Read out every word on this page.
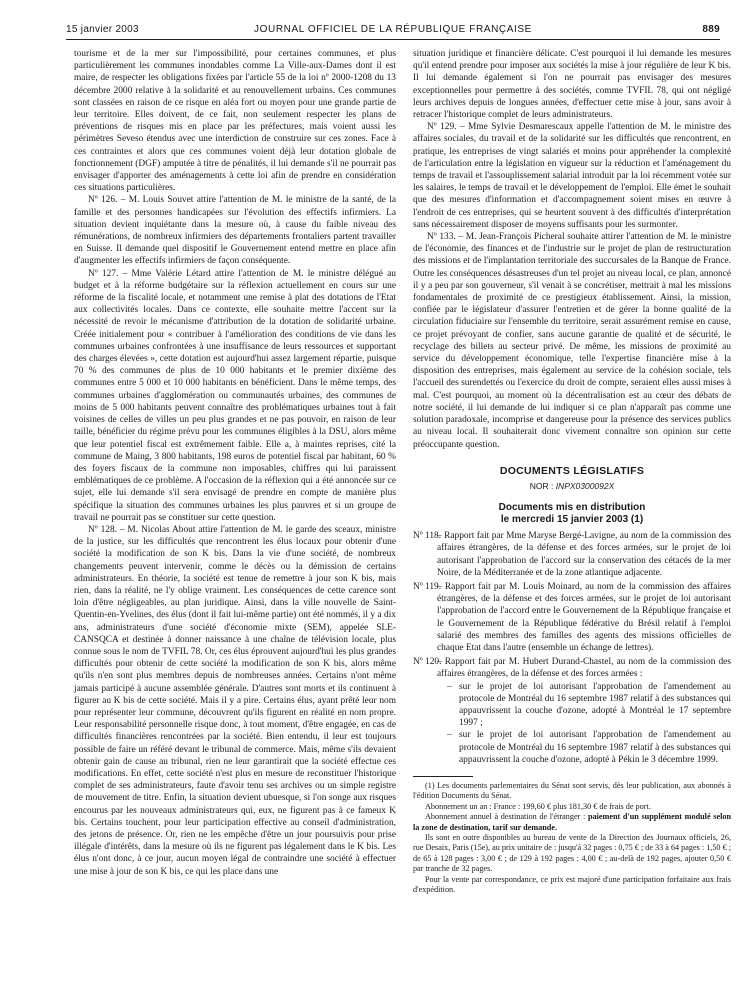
15 janvier 2003	JOURNAL OFFICIEL DE LA RÉPUBLIQUE FRANÇAISE	889

tourisme et de la mer sur l'impossibilité, pour certaines communes, et plus particulièrement les communes inondables comme La Ville-aux-Dames dont il est maire, de respecter les obligations fixées par l'article 55 de la loi nº 2000-1208 du 13 décembre 2000 relative à la solidarité et au renouvellement urbains. Ces communes sont classées en raison de ce risque en aléa fort ou moyen pour une grande partie de leur territoire. Elles doivent, de ce fait, non seulement respecter les plans de préventions de risques mis en place par les préfectures, mais voient aussi les périmètres Seveso étendus avec une interdiction de construire sur ces zones. Face à ces contraintes et alors que ces communes voient déjà leur dotation globale de fonctionnement (DGF) amputée à titre de pénalités, il lui demande s'il ne pourrait pas envisager d'apporter des aménagements à cette loi afin de prendre en considération ces situations particulières.

Nº 126. – M. Louis Souvet attire l'attention de M. le ministre de la santé, de la famille et des personnes handicapées sur l'évolution des effectifs infirmiers. La situation devient inquiétante dans la mesure où, à cause du faible niveau des rémunérations, de nombreux infirmiers des départements frontaliers partent travailler en Suisse. Il demande quel dispositif le Gouvernement entend mettre en place afin d'augmenter les effectifs infirmiers de façon conséquente.

Nº 127. – Mme Valérie Létard attire l'attention de M. le ministre délégué au budget et à la réforme budgétaire sur la réflexion actuellement en cours sur une réforme de la fiscalité locale, et notamment une remise à plat des dotations de l'Etat aux collectivités locales. Dans ce contexte, elle souhaite mettre l'accent sur la nécessité de revoir le mécanisme d'attribution de la dotation de solidarité urbaine. Créée initialement pour « contribuer à l'amélioration des conditions de vie dans les communes urbaines confrontées à une insuffisance de leurs ressources et supportant des charges élevées », cette dotation est aujourd'hui assez largement répartie, puisque 70 % des communes de plus de 10 000 habitants et le premier dixième des communes entre 5 000 et 10 000 habitants en bénéficient. Dans le même temps, des communes urbaines d'agglomération ou communautés urbaines, des communes de moins de 5 000 habitants peuvent connaître des problématiques urbaines tout à fait voisines de celles de villes un peu plus grandes et ne pas pouvoir, en raison de leur taille, bénéficier du régime prévu pour les communes éligibles à la DSU, alors même que leur potentiel fiscal est extrêmement faible. Elle a, à maintes reprises, cité la commune de Maing, 3 800 habitants, 198 euros de potentiel fiscal par habitant, 60 % des foyers fiscaux de la commune non imposables, chiffres qui lui paraissent emblématiques de ce problème. A l'occasion de la réflexion qui a été annoncée sur ce sujet, elle lui demande s'il sera envisagé de prendre en compte de manière plus spécifique la situation des communes urbaines les plus pauvres et si un groupe de travail ne pourrait pas se constituer sur cette question.

Nº 128. – M. Nicolas About attire l'attention de M. le garde des sceaux, ministre de la justice, sur les difficultés que rencontrent les élus locaux pour obtenir d'une société la modification de son K bis. Dans la vie d'une société, de nombreux changements peuvent intervenir, comme le décès ou la démission de certains administrateurs. En théorie, la société est tenue de remettre à jour son K bis, mais rien, dans la réalité, ne l'y oblige vraiment. Les conséquences de cette carence sont loin d'être négligeables, au plan juridique. Ainsi, dans la ville nouvelle de Saint-Quentin-en-Yvelines, des élus (dont il fait lui-même partie) ont été nommés, il y a dix ans, administrateurs d'une société d'économie mixte (SEM), appelée SLE-CANSQCA et destinée à donner naissance à une chaîne de télévision locale, plus connue sous le nom de TVFIL 78. Or, ces élus éprouvent aujourd'hui les plus grandes difficultés pour obtenir de cette société la modification de son K bis, alors même qu'ils n'en sont plus membres depuis de nombreuses années. Certains n'ont même jamais participé à aucune assemblée générale. D'autres sont morts et ils continuent à figurer au K bis de cette société. Mais il y a pire. Certains élus, ayant prêté leur nom pour représenter leur commune, découvrent qu'ils figurent en réalité en nom propre. Leur responsabilité personnelle risque donc, à tout moment, d'être engagée, en cas de difficultés financières rencontrées par la société. Bien entendu, il leur est toujours possible de faire un référé devant le tribunal de commerce. Mais, même s'ils devaient obtenir gain de cause au tribunal, rien ne leur garantirait que la société effectue ces modifications. En effet, cette société n'est plus en mesure de reconstituer l'historique complet de ses administrateurs, faute d'avoir tenu ses archives ou un simple registre de mouvement de titre. Enfin, la situation devient ubuesque, si l'on songe aux risques encourus par les nouveaux administrateurs qui, eux, ne figurent pas à ce fameux K bis. Certains touchent, pour leur participation effective au conseil d'administration, des jetons de présence. Or, rien ne les empêche d'être un jour poursuivis pour prise illégale d'intérêts, dans la mesure où ils ne figurent pas légalement dans le K bis. Les élus n'ont donc, à ce jour, aucun moyen légal de contraindre une société à effectuer une mise à jour de son K bis, ce qui les place dans une

situation juridique et financière délicate. C'est pourquoi il lui demande les mesures qu'il entend prendre pour imposer aux sociétés la mise à jour régulière de leur K bis. Il lui demande également si l'on ne pourrait pas envisager des mesures exceptionnelles pour permettre à des sociétés, comme TVFIL 78, qui ont négligé leurs archives depuis de longues années, d'effectuer cette mise à jour, sans avoir à retracer l'historique complet de leurs administrateurs.

Nº 129. – Mme Sylvie Desmarescaux appelle l'attention de M. le ministre des affaires sociales, du travail et de la solidarité sur les difficultés que rencontrent, en pratique, les entreprises de vingt salariés et moins pour appréhender la complexité de l'articulation entre la législation en vigueur sur la réduction et l'aménagement du temps de travail et l'assouplissement salarial introduit par la loi récemment votée sur les salaires, le temps de travail et le développement de l'emploi. Elle émet le souhait que des mesures d'information et d'accompagnement soient mises en œuvre à l'endroit de ces entreprises, qui se heurtent souvent à des difficultés d'interprétation sans nécessairement disposer de moyens suffisants pour les surmonter.

Nº 133. – M. Jean-François Picheral souhaite attirer l'attention de M. le ministre de l'économie, des finances et de l'industrie sur le projet de plan de restructuration des missions et de l'implantation territoriale des succursales de la Banque de France. Outre les conséquences désastreuses d'un tel projet au niveau local, ce plan, annoncé il y a peu par son gouverneur, s'il venait à se concrétiser, mettrait à mal les missions fondamentales de proximité de ce prestigieux établissement. Ainsi, la mission, confiée par le législateur d'assurer l'entretien et de gérer la bonne qualité de la circulation fiduciaire sur l'ensemble du territoire, serait assurément remise en cause, ce projet prévoyant de confier, sans aucune garantie de qualité et de sécurité, le recyclage des billets au secteur privé. De même, les missions de proximité au service du développement économique, telle l'expertise financière mise à la disposition des entreprises, mais également au service de la cohésion sociale, tels l'accueil des surendettés ou l'exercice du droit de compte, seraient elles aussi mises à mal. C'est pourquoi, au moment où la décentralisation est au cœur des débats de notre société, il lui demande de lui indiquer si ce plan n'apparaît pas comme une solution paradoxale, incomprise et dangereuse pour la présence des services publics au niveau local. Il souhaiterait donc vivement connaître son opinion sur cette préoccupante question.

DOCUMENTS LÉGISLATIFS
NOR : INPX0300092X
Documents mis en distribution
le mercredi 15 janvier 2003 (1)
Nº 118.
– Rapport fait par Mme Maryse Bergé-Lavigne, au nom de la commission des affaires étrangères, de la défense et des forces armées, sur le projet de loi autorisant l'approbation de l'accord sur la conservation des cétacés de la mer Noire, de la Méditerranée et de la zone atlantique adjacente.
Nº 119.
– Rapport fait par M. Louis Moinard, au nom de la commission des affaires étrangères, de la défense et des forces armées, sur le projet de loi autorisant l'approbation de l'accord entre le Gouvernement de la République française et le Gouvernement de la République fédérative du Brésil relatif à l'emploi salarié des membres des familles des agents des missions officielles de chaque Etat dans l'autre (ensemble un échange de lettres).
Nº 120.
– Rapport fait par M. Hubert Durand-Chastel, au nom de la commission des affaires étrangères, de la défense et des forces armées :
– sur le projet de loi autorisant l'approbation de l'amendement au protocole de Montréal du 16 septembre 1987 relatif à des substances qui appauvrissent la couche d'ozone, adopté à Montréal le 17 septembre 1997 ;
– sur le projet de loi autorisant l'approbation de l'amendement au protocole de Montréal du 16 septembre 1987 relatif à des substances qui appauvrissent la couche d'ozone, adopté à Pékin le 3 décembre 1999.

(1) Les documents parlementaires du Sénat sont servis, dès leur publication, aux abonnés à l'édition Documents du Sénat.

Abonnement un an : France : 199,60 € plus 181,30 € de frais de port.

Abonnement annuel à destination de l'étranger : paiement d'un supplément modulé selon la zone de destination, tarif sur demande.

Ils sont en outre disponibles au bureau de vente de la Direction des Journaux officiels, 26, rue Desaix, Paris (15e), au prix unitaire de : jusqu'à 32 pages : 0,75 € ; de 33 à 64 pages : 1,50 € ; de 65 à 128 pages : 3,00 € ; de 129 à 192 pages : 4,00 € ; au-delà de 192 pages, ajouter 0,50 € par tranche de 32 pages.

Pour la vente par correspondance, ce prix est majoré d'une participation forfaitaire aux frais d'expédition.
